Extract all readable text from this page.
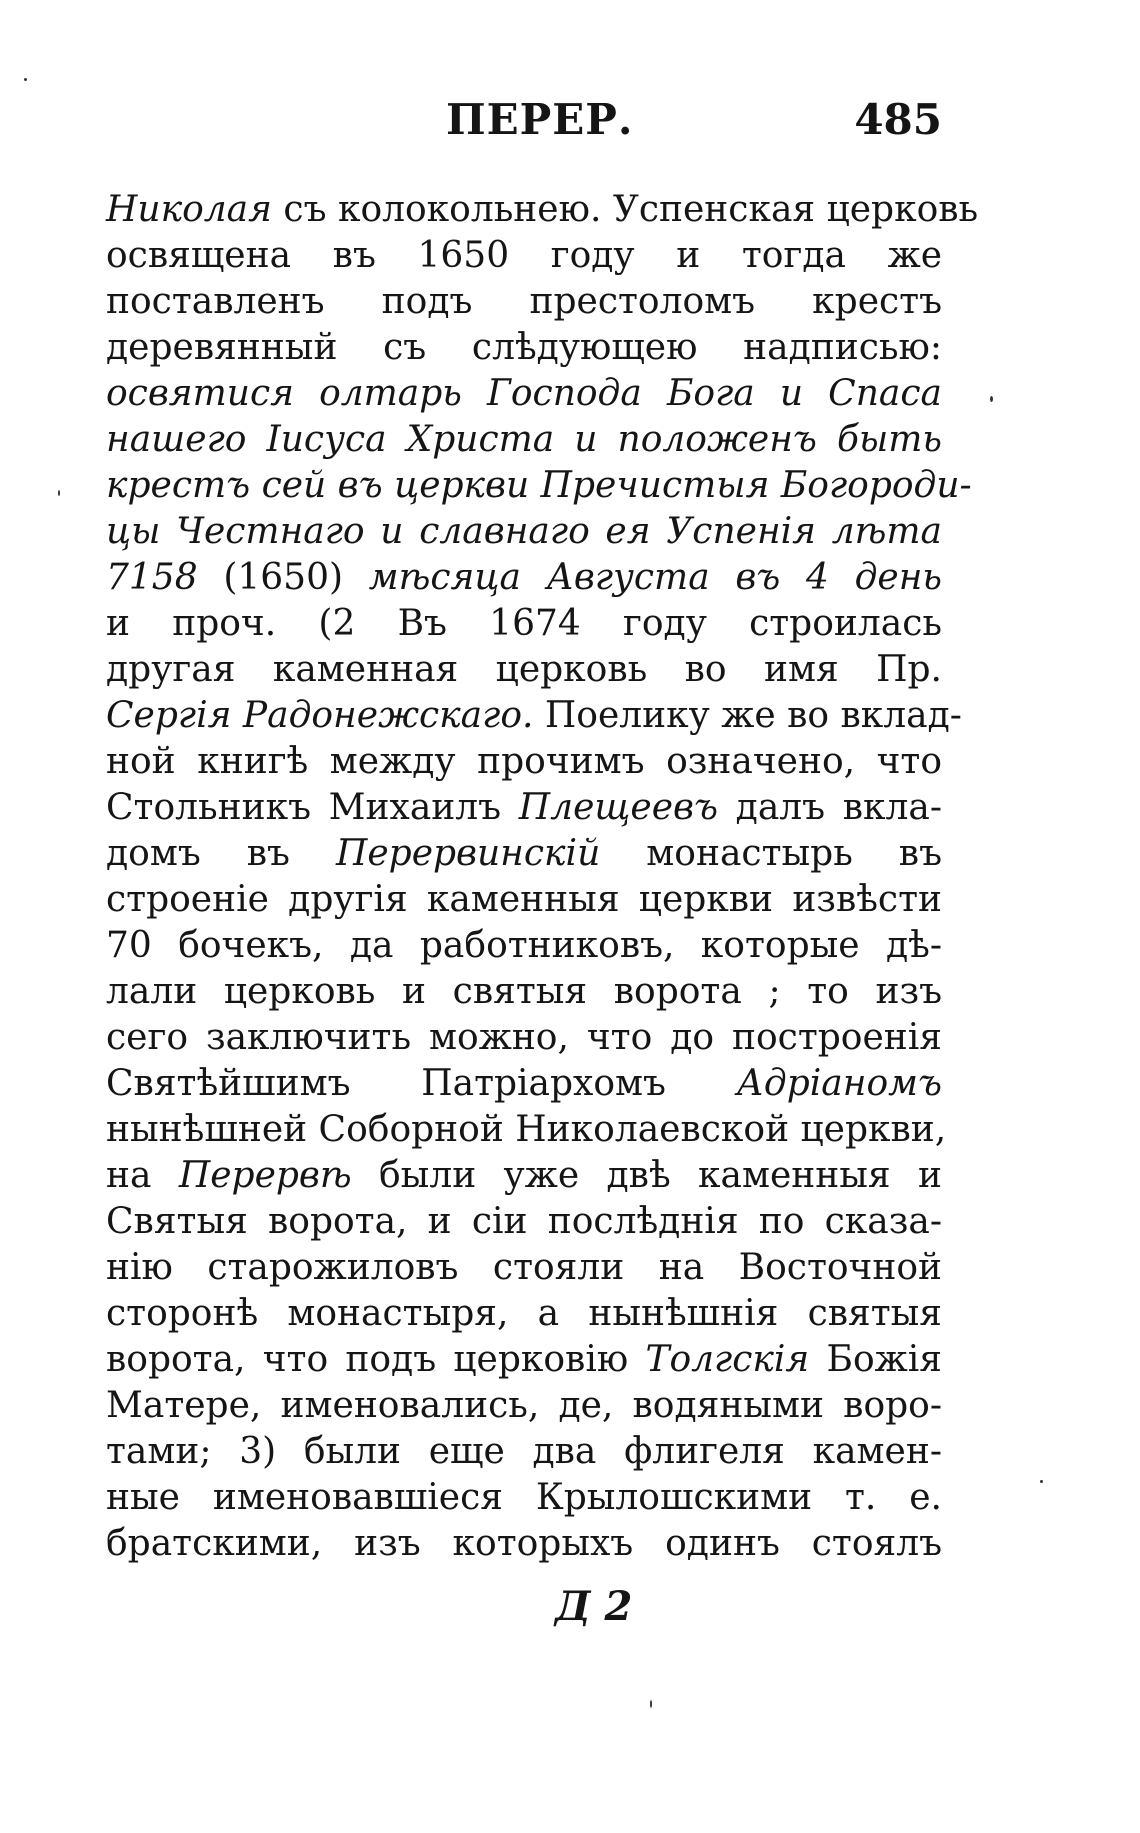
ПЕРЕР.	485
Николая съ колокольнею. Успенская церковь
освящена въ 1650 году и тогда же
поставленъ подъ престоломъ крестъ
деревянный съ слѣдующею надписью:
освятися олтарь Господа Бога и Спаса
нашего Іисуса Христа и положенъ быть
крестъ сей въ церкви Пречистыя Богороди-
цы Честнаго и славнаго ея Успенія лѣта
7158 (1650) мѣсяца Августа въ 4 день
и проч. (2 Въ 1674 году строилась
другая каменная церковь во имя Пр.
Сергія Радонежскаго. Поелику же во вклад-
ной книгѣ между прочимъ означено, что
Стольникъ Михаилъ Плещеевъ далъ вкла-
домъ въ Перервинскій монастырь въ
строеніе другія каменныя церкви извѣсти
70 бочекъ, да работниковъ, которые дѣ-
лали церковь и святыя ворота ; то изъ
сего заключить можно, что до построенія
Святѣйшимъ Патріархомъ Адріаномъ
нынѣшней Соборной Николаевской церкви,
на Перервѣ были уже двѣ каменныя и
Святыя ворота, и сіи послѣднія по сказа-
нію старожиловъ стояли на Восточной
сторонѣ монастыря, а нынѣшнія святыя
ворота, что подъ церковію Толгскія Божія
Матере, именовались, де, водяными воро-
тами; 3) были еще два флигеля камен-
ные именовавшіеся Крылошскими т. е.
братскими, изъ которыхъ одинъ стоялъ
Д 2
